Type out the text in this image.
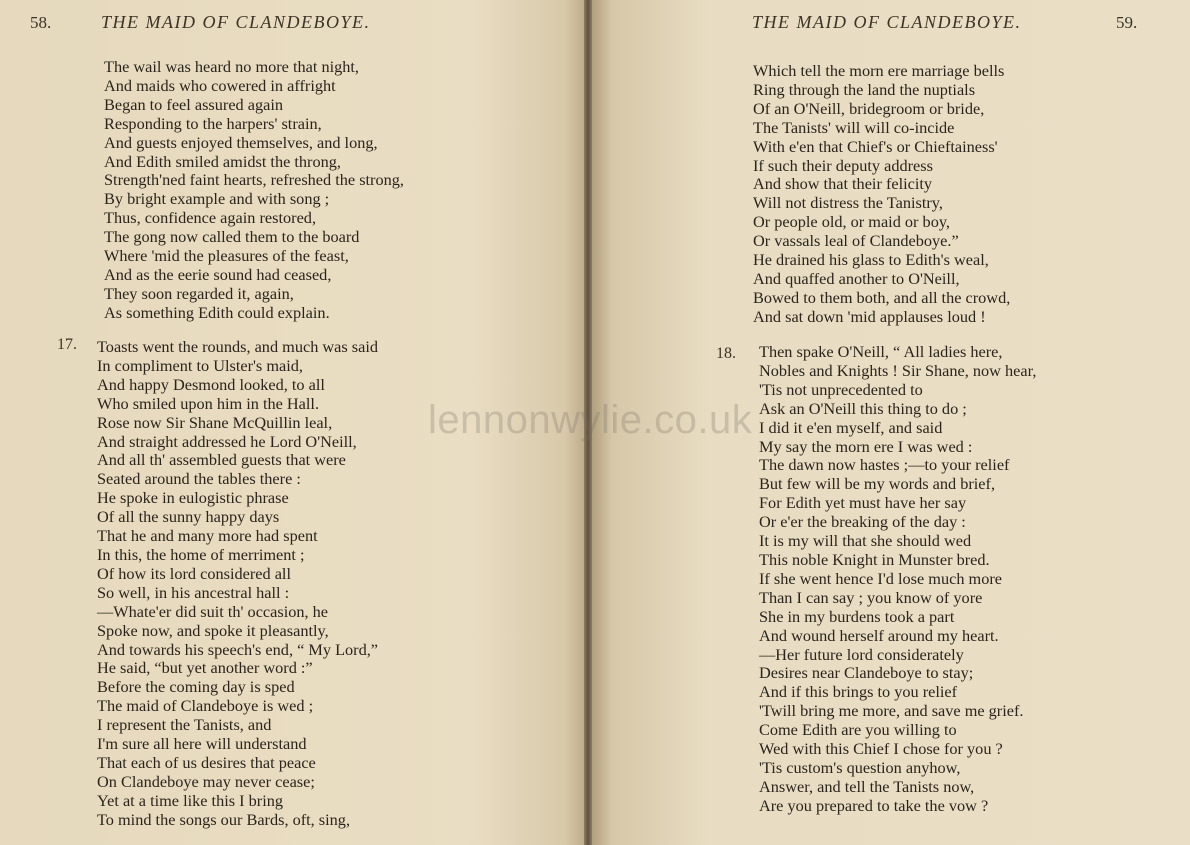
58.	THE MAID OF CLANDEBOYE.
The wail was heard no more that night,
And maids who cowered in affright
Began to feel assured again
Responding to the harpers' strain,
And guests enjoyed themselves, and long,
And Edith smiled amidst the throng,
Strength'ned faint hearts, refreshed the strong,
By bright example and with song ;
Thus, confidence again restored,
The gong now called them to the board
Where 'mid the pleasures of the feast,
And as the eerie sound had ceased,
They soon regarded it, again,
As something Edith could explain.
17. Toasts went the rounds, and much was said
In compliment to Ulster's maid,
And happy Desmond looked, to all
Who smiled upon him in the Hall.
Rose now Sir Shane McQuillin leal,
And straight addressed he Lord O'Neill,
And all th' assembled guests that were
Seated around the tables there :
He spoke in eulogistic phrase
Of all the sunny happy days
That he and many more had spent
In this, the home of merriment ;
Of how its lord considered all
So well, in his ancestral hall :
—Whate'er did suit th' occasion, he
Spoke now, and spoke it pleasantly,
And towards his speech's end, “ My Lord,”
He said, “but yet another word :”
Before the coming day is sped
The maid of Clandeboye is wed ;
I represent the Tanists, and
I'm sure all here will understand
That each of us desires that peace
On Clandeboye may never cease;
Yet at a time like this I bring
To mind the songs our Bards, oft, sing,
THE MAID OF CLANDEBOYE.	59.
Which tell the morn ere marriage bells
Ring through the land the nuptials
Of an O'Neill, bridegroom or bride,
The Tanists' will will co-incide
With e'en that Chief's or Chieftainess'
If such their deputy address
And show that their felicity
Will not distress the Tanistry,
Or people old, or maid or boy,
Or vassals leal of Clandeboye.”
He drained his glass to Edith's weal,
And quaffed another to O'Neill,
Bowed to them both, and all the crowd,
And sat down 'mid applauses loud !
18. Then spake O'Neill, “ All ladies here,
Nobles and Knights ! Sir Shane, now hear,
'Tis not unprecedented to
Ask an O'Neill this thing to do ;
I did it e'en myself, and said
My say the morn ere I was wed :
The dawn now hastes ;—to your relief
But few will be my words and brief,
For Edith yet must have her say
Or e'er the breaking of the day :
It is my will that she should wed
This noble Knight in Munster bred.
If she went hence I'd lose much more
Than I can say ; you know of yore
She in my burdens took a part
And wound herself around my heart.
—Her future lord considerately
Desires near Clandeboye to stay;
And if this brings to you relief
'Twill bring me more, and save me grief.
Come Edith are you willing to
Wed with this Chief I chose for you ?
'Tis custom's question anyhow,
Answer, and tell the Tanists now,
Are you prepared to take the vow ?
lennonwylie.co.uk
